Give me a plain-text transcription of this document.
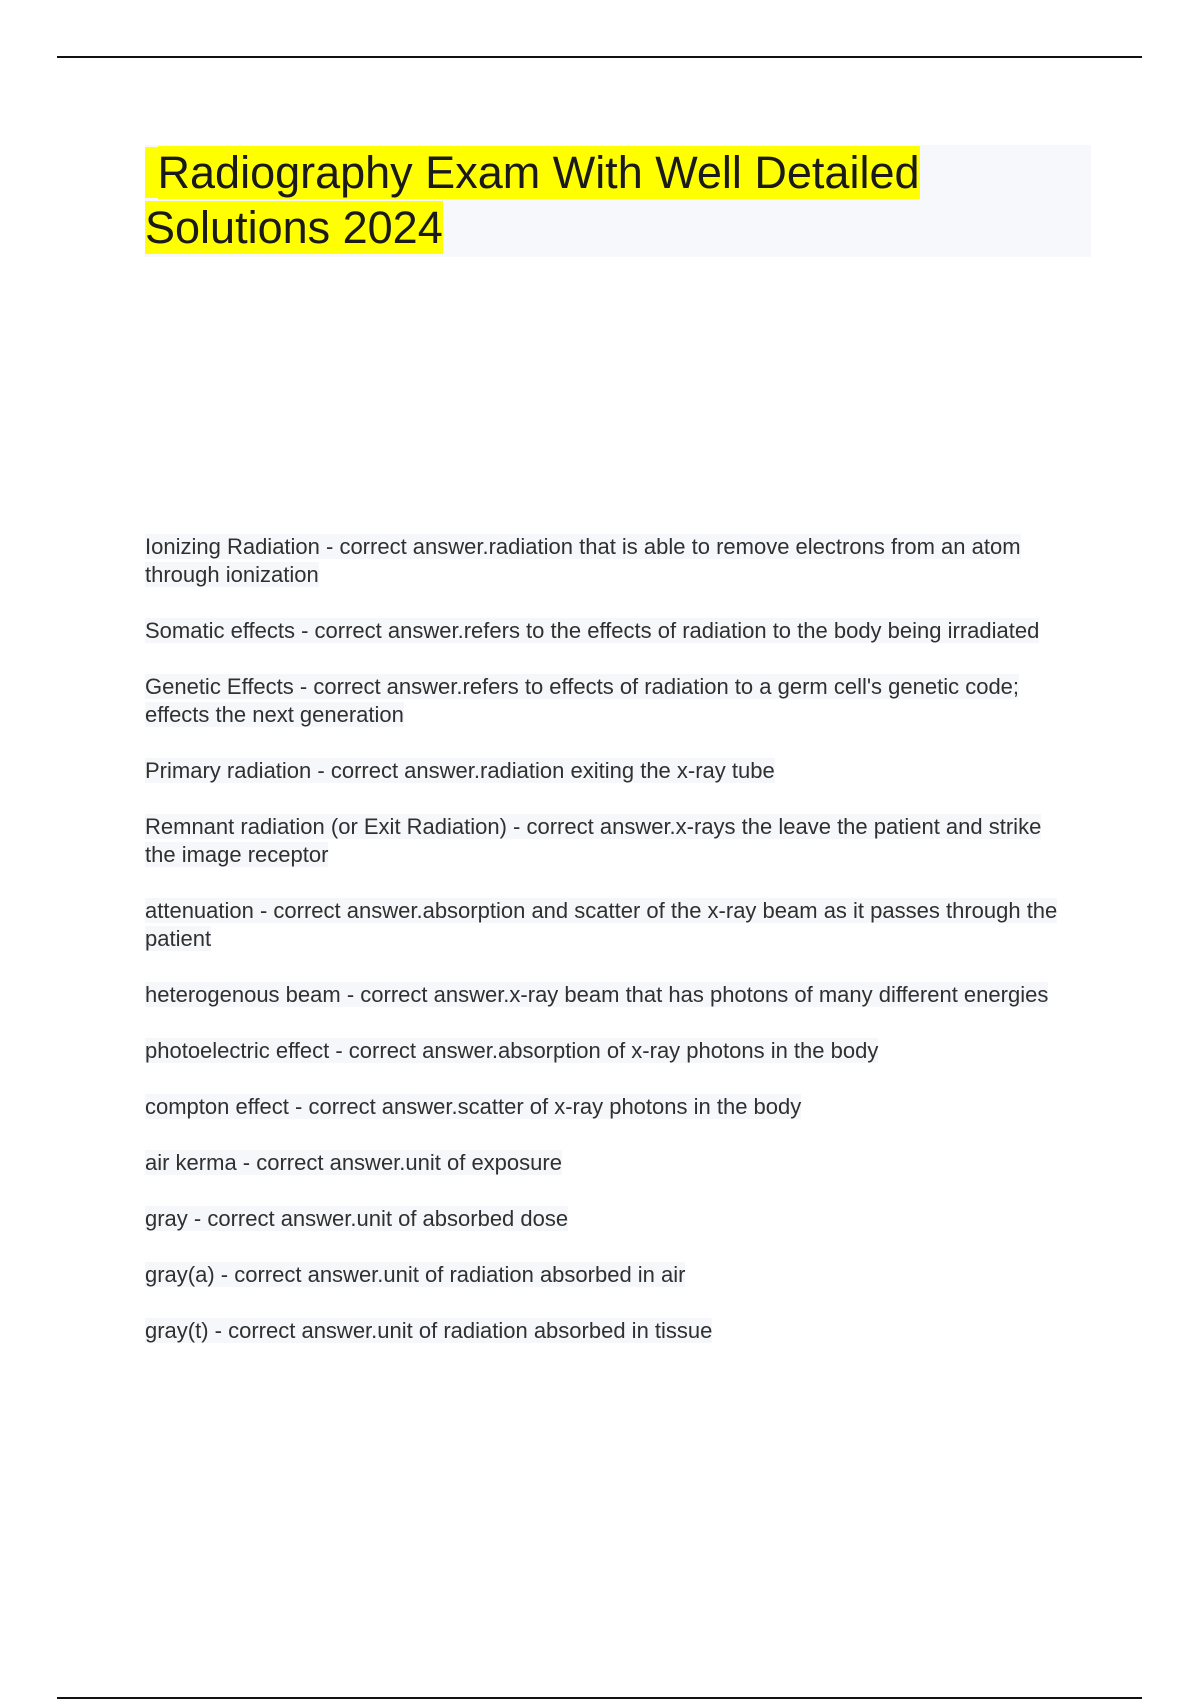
Radiography Exam With Well Detailed Solutions 2024
Ionizing Radiation - correct answer.radiation that is able to remove electrons from an atom through ionization
Somatic effects - correct answer.refers to the effects of radiation to the body being irradiated
Genetic Effects - correct answer.refers to effects of radiation to a germ cell's genetic code; effects the next generation
Primary radiation - correct answer.radiation exiting the x-ray tube
Remnant radiation (or Exit Radiation) - correct answer.x-rays the leave the patient and strike the image receptor
attenuation - correct answer.absorption and scatter of the x-ray beam as it passes through the patient
heterogenous beam - correct answer.x-ray beam that has photons of many different energies
photoelectric effect - correct answer.absorption of x-ray photons in the body
compton effect - correct answer.scatter of x-ray photons in the body
air kerma - correct answer.unit of exposure
gray - correct answer.unit of absorbed dose
gray(a) - correct answer.unit of radiation absorbed in air
gray(t) - correct answer.unit of radiation absorbed in tissue
